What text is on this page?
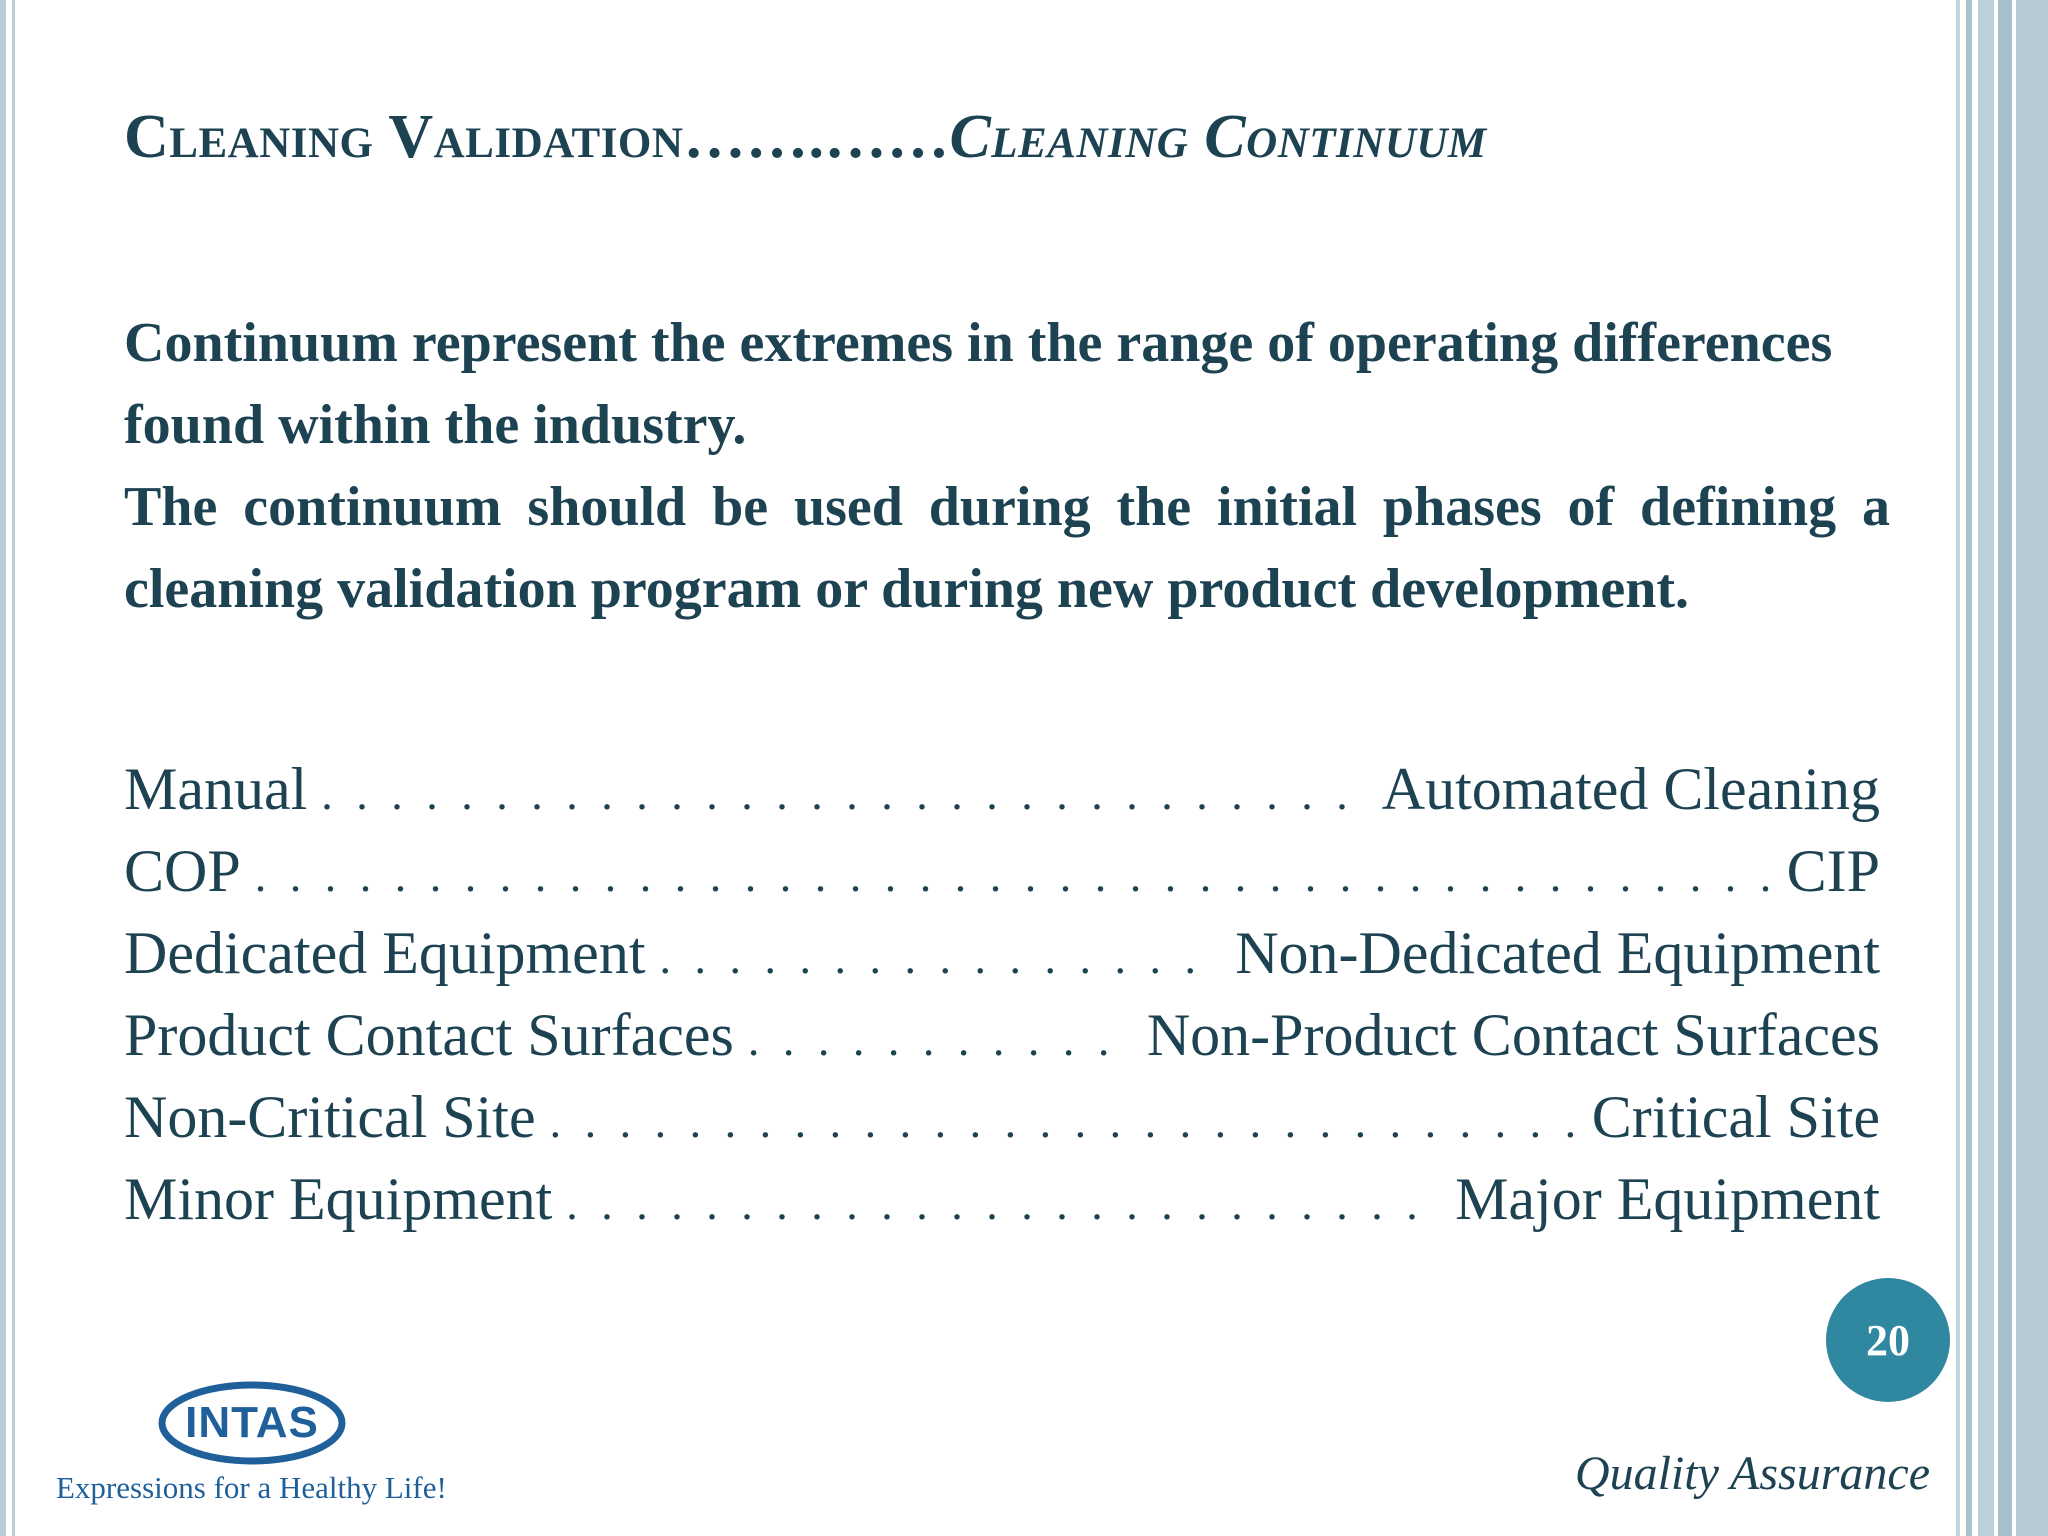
Cleaning Validation…….……Cleaning Continuum

Continuum represent the extremes in the range of operating differences found within the industry.

The continuum should be used during the initial phases of defining a cleaning validation program or during new product development.

Manual . . .	Automated Cleaning
COP . . .	CIP
Dedicated Equipment . . .	Non-Dedicated Equipment
Product Contact Surfaces . . .	Non-Product Contact Surfaces
Non-Critical Site . . .	Critical Site
Minor Equipment . . .	Major Equipment
20
INTAS
Expressions for a Healthy Life!	Quality Assurance
